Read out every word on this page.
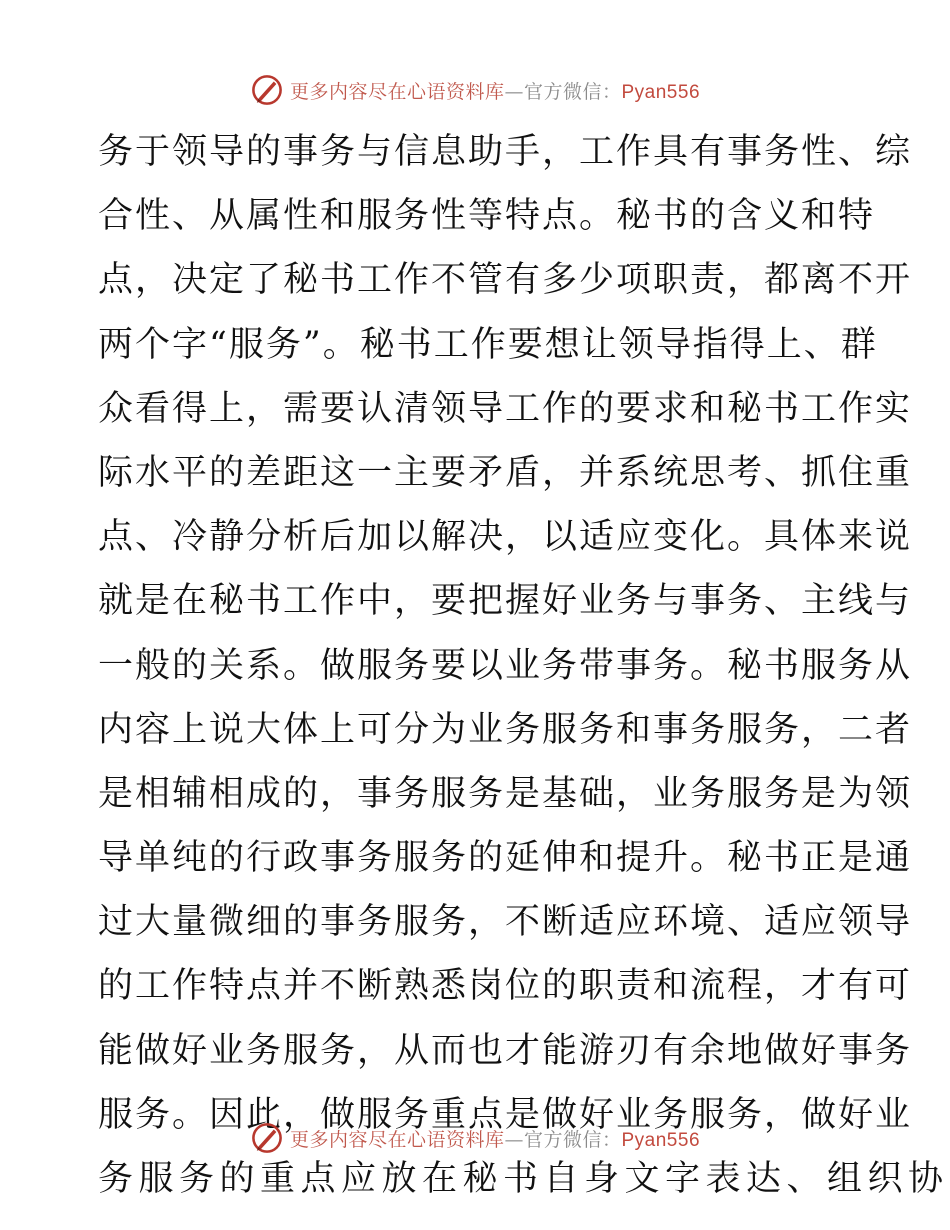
更多内容尽在心语资料库—官方微信：Pyan556
务于领导的事务与信息助手，工作具有事务性、综
合性、从属性和服务性等特点。秘书的含义和特
点，决定了秘书工作不管有多少项职责，都离不开
两个字“服务”。秘书工作要想让领导指得上、群
众看得上，需要认清领导工作的要求和秘书工作实
际水平的差距这一主要矛盾，并系统思考、抓住重
点、冷静分析后加以解决，以适应变化。具体来说
就是在秘书工作中，要把握好业务与事务、主线与
一般的关系。做服务要以业务带事务。秘书服务从
内容上说大体上可分为业务服务和事务服务，二者
是相辅相成的，事务服务是基础，业务服务是为领
导单纯的行政事务服务的延伸和提升。秘书正是通
过大量微细的事务服务，不断适应环境、适应领导
的工作特点并不断熟悉岗位的职责和流程，才有可
能做好业务服务，从而也才能游刃有余地做好事务
服务。因此，做服务重点是做好业务服务，做好业
务服务的重点应放在秘书自身文字表达、组织协
更多内容尽在心语资料库—官方微信：Pyan556
